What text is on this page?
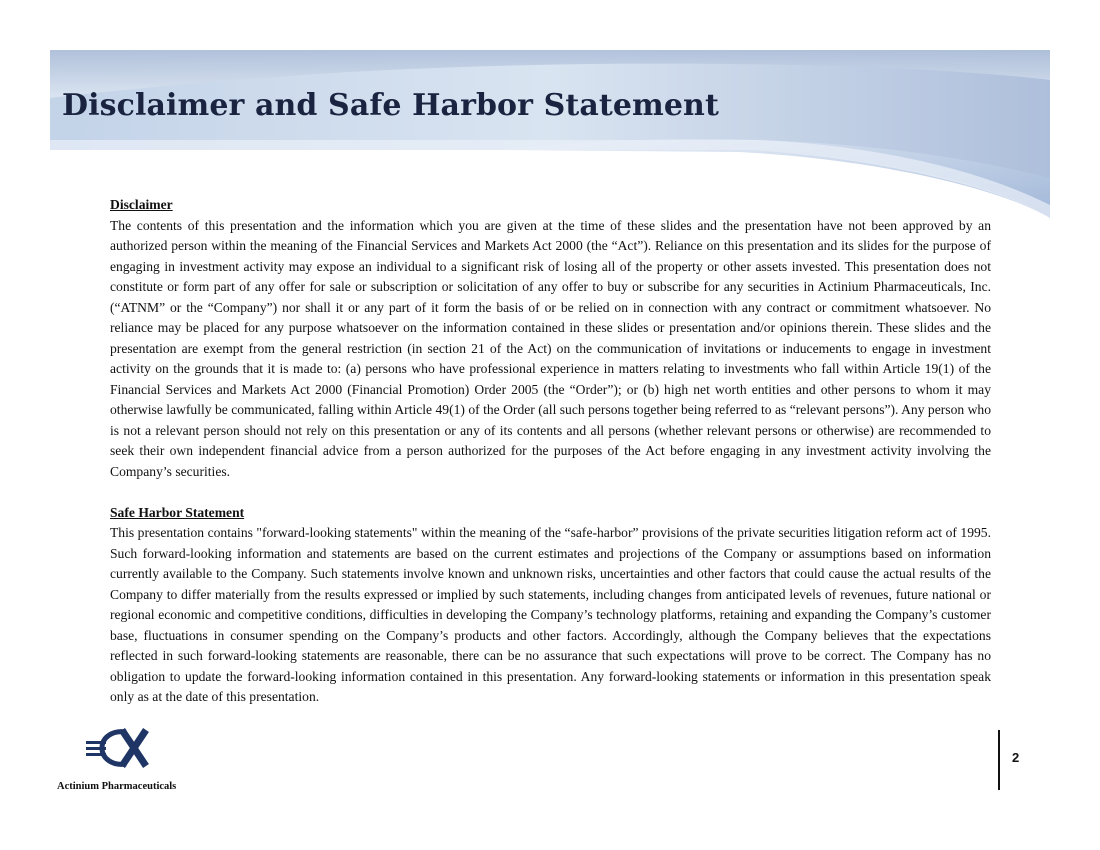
Disclaimer and Safe Harbor Statement

Disclaimer

The contents of this presentation and the information which you are given at the time of these slides and the presentation have not been approved by an authorized person within the meaning of the Financial Services and Markets Act 2000 (the “Act”). Reliance on this presentation and its slides for the purpose of engaging in investment activity may expose an individual to a significant risk of losing all of the property or other assets invested. This presentation does not constitute or form part of any offer for sale or subscription or solicitation of any offer to buy or subscribe for any securities in Actinium Pharmaceuticals, Inc. (“ATNM” or the “Company”) nor shall it or any part of it form the basis of or be relied on in connection with any contract or commitment whatsoever. No reliance may be placed for any purpose whatsoever on the information contained in these slides or presentation and/or opinions therein. These slides and the presentation are exempt from the general restriction (in section 21 of the Act) on the communication of invitations or inducements to engage in investment activity on the grounds that it is made to: (a) persons who have professional experience in matters relating to investments who fall within Article 19(1) of the Financial Services and Markets Act 2000 (Financial Promotion) Order 2005 (the “Order”); or (b) high net worth entities and other persons to whom it may otherwise lawfully be communicated, falling within Article 49(1) of the Order (all such persons together being referred to as “relevant persons”). Any person who is not a relevant person should not rely on this presentation or any of its contents and all persons (whether relevant persons or otherwise) are recommended to seek their own independent financial advice from a person authorized for the purposes of the Act before engaging in any investment activity involving the Company’s securities.

Safe Harbor Statement

This presentation contains "forward-looking statements" within the meaning of the “safe-harbor” provisions of the private securities litigation reform act of 1995. Such forward-looking information and statements are based on the current estimates and projections of the Company or assumptions based on information currently available to the Company. Such statements involve known and unknown risks, uncertainties and other factors that could cause the actual results of the Company to differ materially from the results expressed or implied by such statements, including changes from anticipated levels of revenues, future national or regional economic and competitive conditions, difficulties in developing the Company’s technology platforms, retaining and expanding the Company’s customer base, fluctuations in consumer spending on the Company’s products and other factors. Accordingly, although the Company believes that the expectations reflected in such forward-looking statements are reasonable, there can be no assurance that such expectations will prove to be correct. The Company has no obligation to update the forward-looking information contained in this presentation. Any forward-looking statements or information in this presentation speak only as at the date of this presentation.

Actinium Pharmaceuticals
2
